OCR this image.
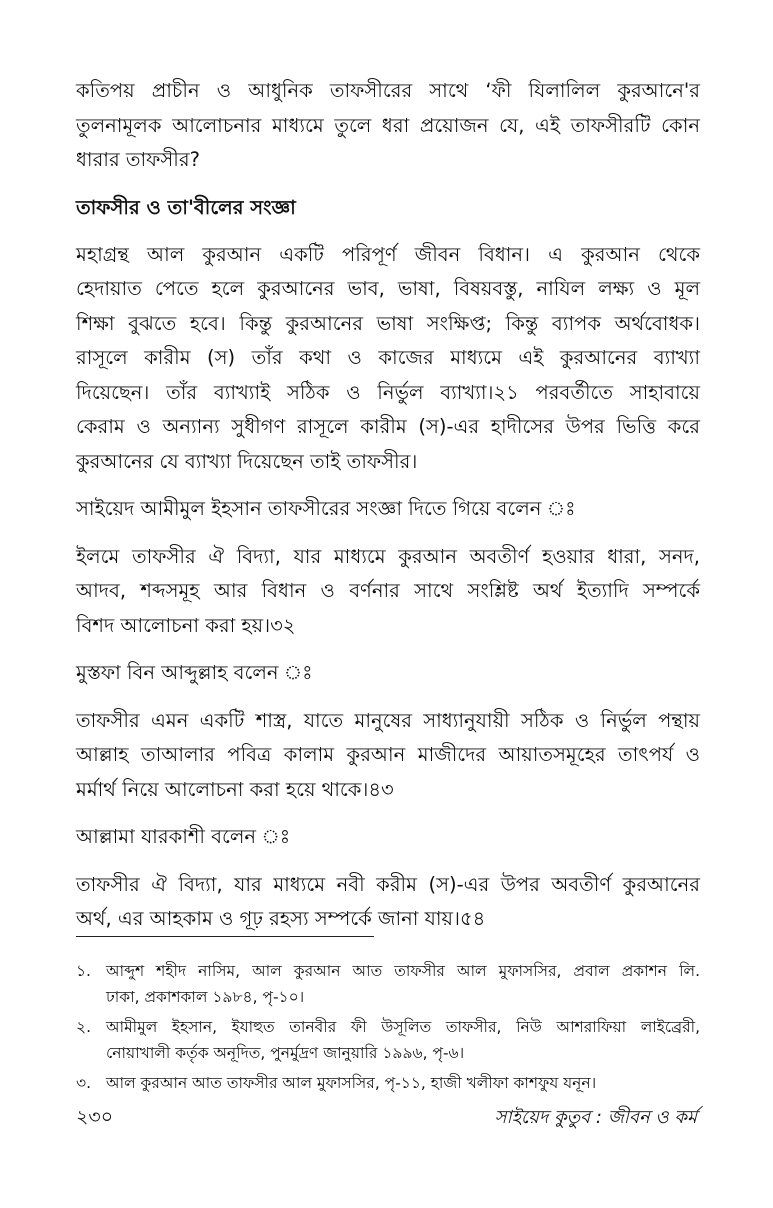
কতিপয় প্রাচীন ও আধুনিক তাফসীরের সাথে ‘ফী যিলালিল কুরআনে'র
তুলনামূলক আলোচনার মাধ্যমে তুলে ধরা প্রয়োজন যে, এই তাফসীরটি কোন
ধারার তাফসীর?
তাফসীর ও তা'বীলের সংজ্ঞা
মহাগ্রন্থ আল কুরআন একটি পরিপূর্ণ জীবন বিধান। এ কুরআন থেকে
হেদায়াত পেতে হলে কুরআনের ভাব, ভাষা, বিষয়বস্তু, নাযিল লক্ষ্য ও মূল
শিক্ষা বুঝতে হবে। কিন্তু কুরআনের ভাষা সংক্ষিপ্ত; কিন্তু ব্যাপক অর্থবোধক।
রাসূলে কারীম (স) তাঁর কথা ও কাজের মাধ্যমে এই কুরআনের ব্যাখ্যা
দিয়েছেন। তাঁর ব্যাখ্যাই সঠিক ও নির্ভুল ব্যাখ্যা।২১ পরবর্তীতে সাহাবায়ে
কেরাম ও অন্যান্য সুধীগণ রাসূলে কারীম (স)-এর হাদীসের উপর ভিত্তি করে
কুরআনের যে ব্যাখ্যা দিয়েছেন তাই তাফসীর।
সাইয়েদ আমীমুল ইহসান তাফসীরের সংজ্ঞা দিতে গিয়ে বলেন ঃ
ইলমে তাফসীর ঐ বিদ্যা, যার মাধ্যমে কুরআন অবতীর্ণ হওয়ার ধারা, সনদ,
আদব, শব্দসমূহ আর বিধান ও বর্ণনার সাথে সংশ্লিষ্ট অর্থ ইত্যাদি সম্পর্কে
বিশদ আলোচনা করা হয়।৩২
মুস্তফা বিন আব্দুল্লাহ বলেন ঃ
তাফসীর এমন একটি শাস্ত্র, যাতে মানুষের সাধ্যানুযায়ী সঠিক ও নির্ভুল পন্থায়
আল্লাহ তাআলার পবিত্র কালাম কুরআন মাজীদের আয়াতসমূহের তাৎপর্য ও
মর্মার্থ নিয়ে আলোচনা করা হয়ে থাকে।৪৩
আল্লামা যারকাশী বলেন ঃ
তাফসীর ঐ বিদ্যা, যার মাধ্যমে নবী করীম (স)-এর উপর অবতীর্ণ কুরআনের
অর্থ, এর আহকাম ও গূঢ় রহস্য সম্পর্কে জানা যায়।৫৪
১. আব্দুশ শহীদ নাসিম, আল কুরআন আত তাফসীর আল মুফাসসির, প্রবাল প্রকাশন লি.
ঢাকা, প্রকাশকাল ১৯৮৪, পৃ-১০।
২. আমীমুল ইহসান, ইযাহুত তানবীর ফী উসূলিত তাফসীর, নিউ আশরাফিয়া লাইব্রেরী,
নোয়াখালী কর্তৃক অনূদিত, পুনর্মুদ্রণ জানুয়ারি ১৯৯৬, পৃ-৬।
৩. আল কুরআন আত তাফসীর আল মুফাসসির, পৃ-১১, হাজী খলীফা কাশফুয যনূন।
২৩০	সাইয়েদ কুতুব : জীবন ও কর্ম
